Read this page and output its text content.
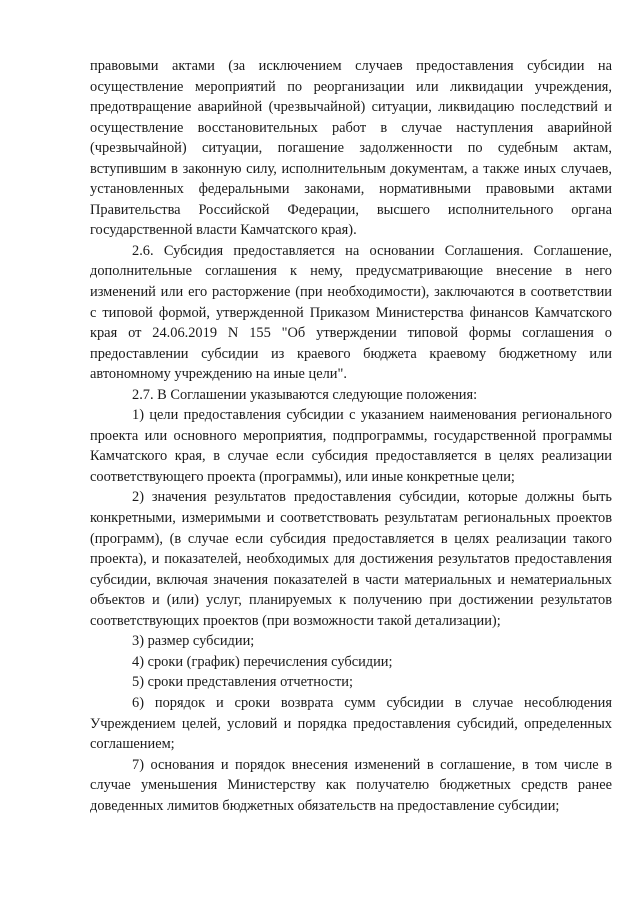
правовыми актами (за исключением случаев предоставления субсидии на осуществление мероприятий по реорганизации или ликвидации учреждения, предотвращение аварийной (чрезвычайной) ситуации, ликвидацию последствий и осуществление восстановительных работ в случае наступления аварийной (чрезвычайной) ситуации, погашение задолженности по судебным актам, вступившим в законную силу, исполнительным документам, а также иных случаев, установленных федеральными законами, нормативными правовыми актами Правительства Российской Федерации, высшего исполнительного органа государственной власти Камчатского края).

2.6. Субсидия предоставляется на основании Соглашения. Соглашение, дополнительные соглашения к нему, предусматривающие внесение в него изменений или его расторжение (при необходимости), заключаются в соответствии с типовой формой, утвержденной Приказом Министерства финансов Камчатского края от 24.06.2019 N 155 "Об утверждении типовой формы соглашения о предоставлении субсидии из краевого бюджета краевому бюджетному или автономному учреждению на иные цели".

2.7. В Соглашении указываются следующие положения:

1) цели предоставления субсидии с указанием наименования регионального проекта или основного мероприятия, подпрограммы, государственной программы Камчатского края, в случае если субсидия предоставляется в целях реализации соответствующего проекта (программы), или иные конкретные цели;

2) значения результатов предоставления субсидии, которые должны быть конкретными, измеримыми и соответствовать результатам региональных проектов (программ), (в случае если субсидия предоставляется в целях реализации такого проекта), и показателей, необходимых для достижения результатов предоставления субсидии, включая значения показателей в части материальных и нематериальных объектов и (или) услуг, планируемых к получению при достижении результатов соответствующих проектов (при возможности такой детализации);

3) размер субсидии;

4) сроки (график) перечисления субсидии;

5) сроки представления отчетности;

6) порядок и сроки возврата сумм субсидии в случае несоблюдения Учреждением целей, условий и порядка предоставления субсидий, определенных соглашением;

7) основания и порядок внесения изменений в соглашение, в том числе в случае уменьшения Министерству как получателю бюджетных средств ранее доведенных лимитов бюджетных обязательств на предоставление субсидии;
